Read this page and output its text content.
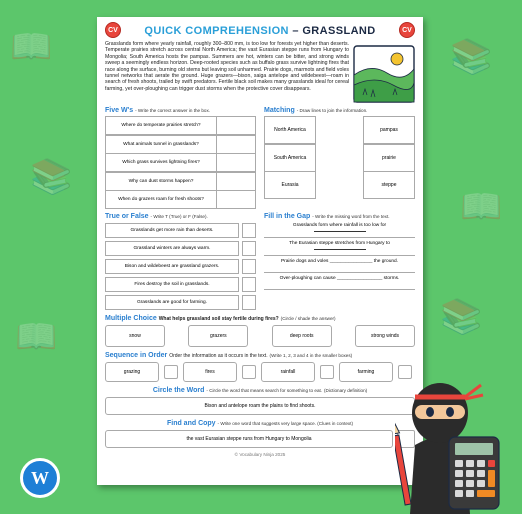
📖
📚
📖
📚
📖
📚
CV	CV
QUICK COMPREHENSION – GRASSLAND

Grasslands form where yearly rainfall, roughly 300–800 mm, is too low for forests yet higher than deserts. Temperate prairies stretch across central North America; the vast Eurasian steppe runs from Hungary to Mongolia; South America hosts the pampas. Summers are hot, winters can be bitter, and strong winds sweep a seemingly endless horizon. Deep-rooted species such as buffalo grass survive lightning fires that race along the surface, burning old stems but leaving soil unharmed. Prairie dogs, marmots and field voles tunnel networks that aerate the ground. Huge grazers—bison, saiga antelope and wildebeest—roam in search of fresh shoots, trailed by swift predators. Fertile black soil makes many grasslands ideal for cereal farming, yet over-ploughing can trigger dust storms when the protective cover disappears.

Five W's - Write the correct answer in the box.
Where do temperate prairies stretch?
What animals tunnel in grasslands?
Which grass survives lightning fires?
Why can dust storms happen?
When do grazers roam for fresh shoots?
Matching - Draw lines to join the information.
North America
South America
Eurasia
pampas
prairie
steppe
True or False - Write T (True) or F (False).
Grasslands get more rain than deserts.
Grassland winters are always warm.
Bison and wildebeest are grassland grazers.
Fires destroy the soil in grasslands.
Grasslands are good for farming.
Fill in the Gap - Write the missing word from the text.
Grasslands form where rainfall is too low for

The Eurasian steppe stretches from Hungary to

Prairie dogs and voles ________________ the ground.
Over-ploughing can cause _________________ storms.
Multiple Choice What helps grassland soil stay fertile during fires? (Circle / shade the answer)
snow	grazers	deep roots	strong winds
Sequence in Order Order the information as it occurs in the text. (Write 1, 2, 3 and 4 in the smaller boxes)
grazing	fires	rainfall	farming
Circle the Word - Circle the word that means search for something to eat. (Dictionary definition)
Bison and antelope roam the plains to find shoots.
Find and Copy - Write one word that suggests very large space. (Clues in context)
the vast Eurasian steppe runs from Hungary to Mongolia
© Vocabulary Ninja 2025
W
